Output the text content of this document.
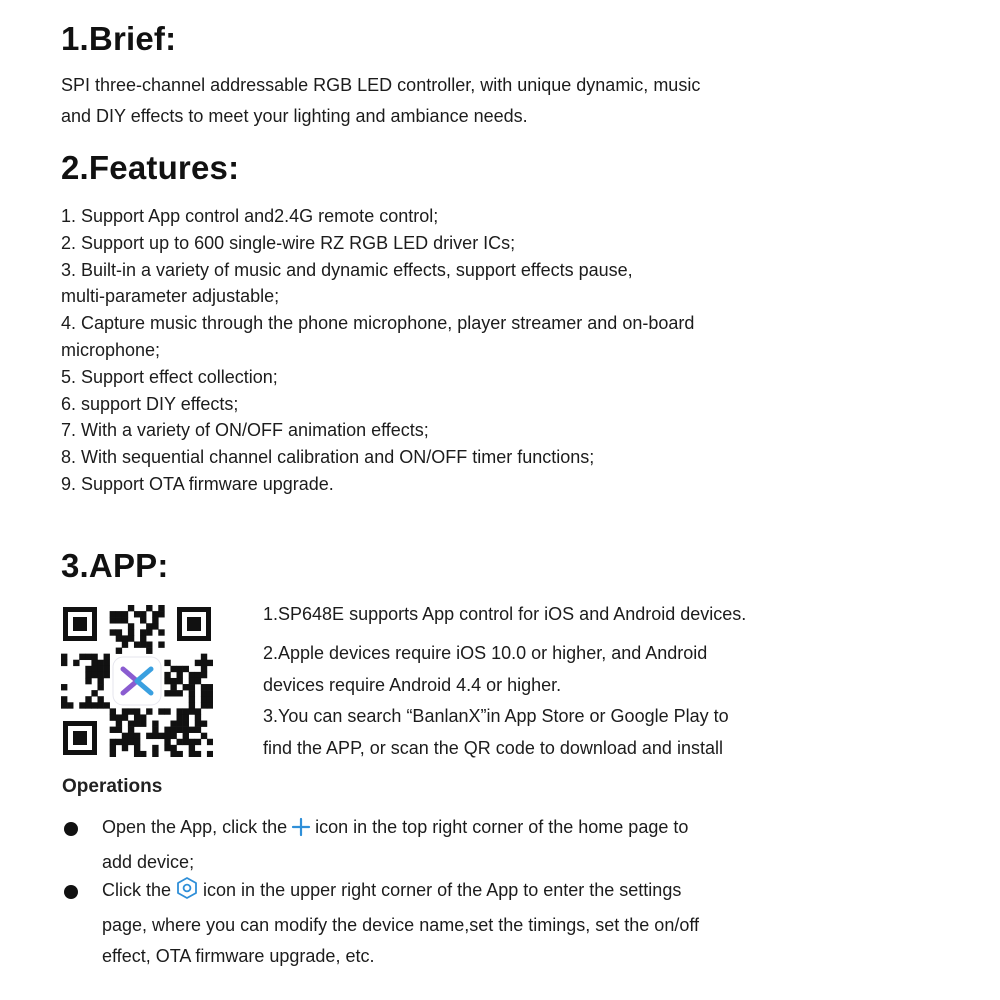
1.Brief:

SPI three-channel addressable RGB LED controller, with unique dynamic, music

and DIY effects to meet your lighting and ambiance needs.

2.Features:
1. Support App control and2.4G remote control;
2. Support up to 600 single-wire RZ RGB LED driver ICs;
3. Built-in a variety of music and dynamic effects, support effects pause,
multi-parameter adjustable;
4. Capture music through the phone microphone, player streamer and on-board
microphone;
5. Support effect collection;
6. support DIY effects;
7. With a variety of ON/OFF animation effects;
8. With sequential channel calibration and ON/OFF timer functions;
9. Support OTA firmware upgrade.
3.APP:

1.SP648E supports App control for iOS and Android devices.

2.Apple devices require iOS 10.0 or higher, and Android

devices require Android 4.4 or higher.

3.You can search “BanlanX”in App Store or Google Play to

find the APP, or scan the QR code to download and install

Operations

Open the App, click the icon in the top right corner of the home page to
add device;

Click the icon in the upper right corner of the App to enter the settings
page, where you can modify the device name,set the timings, set the on/off
effect, OTA firmware upgrade, etc.
